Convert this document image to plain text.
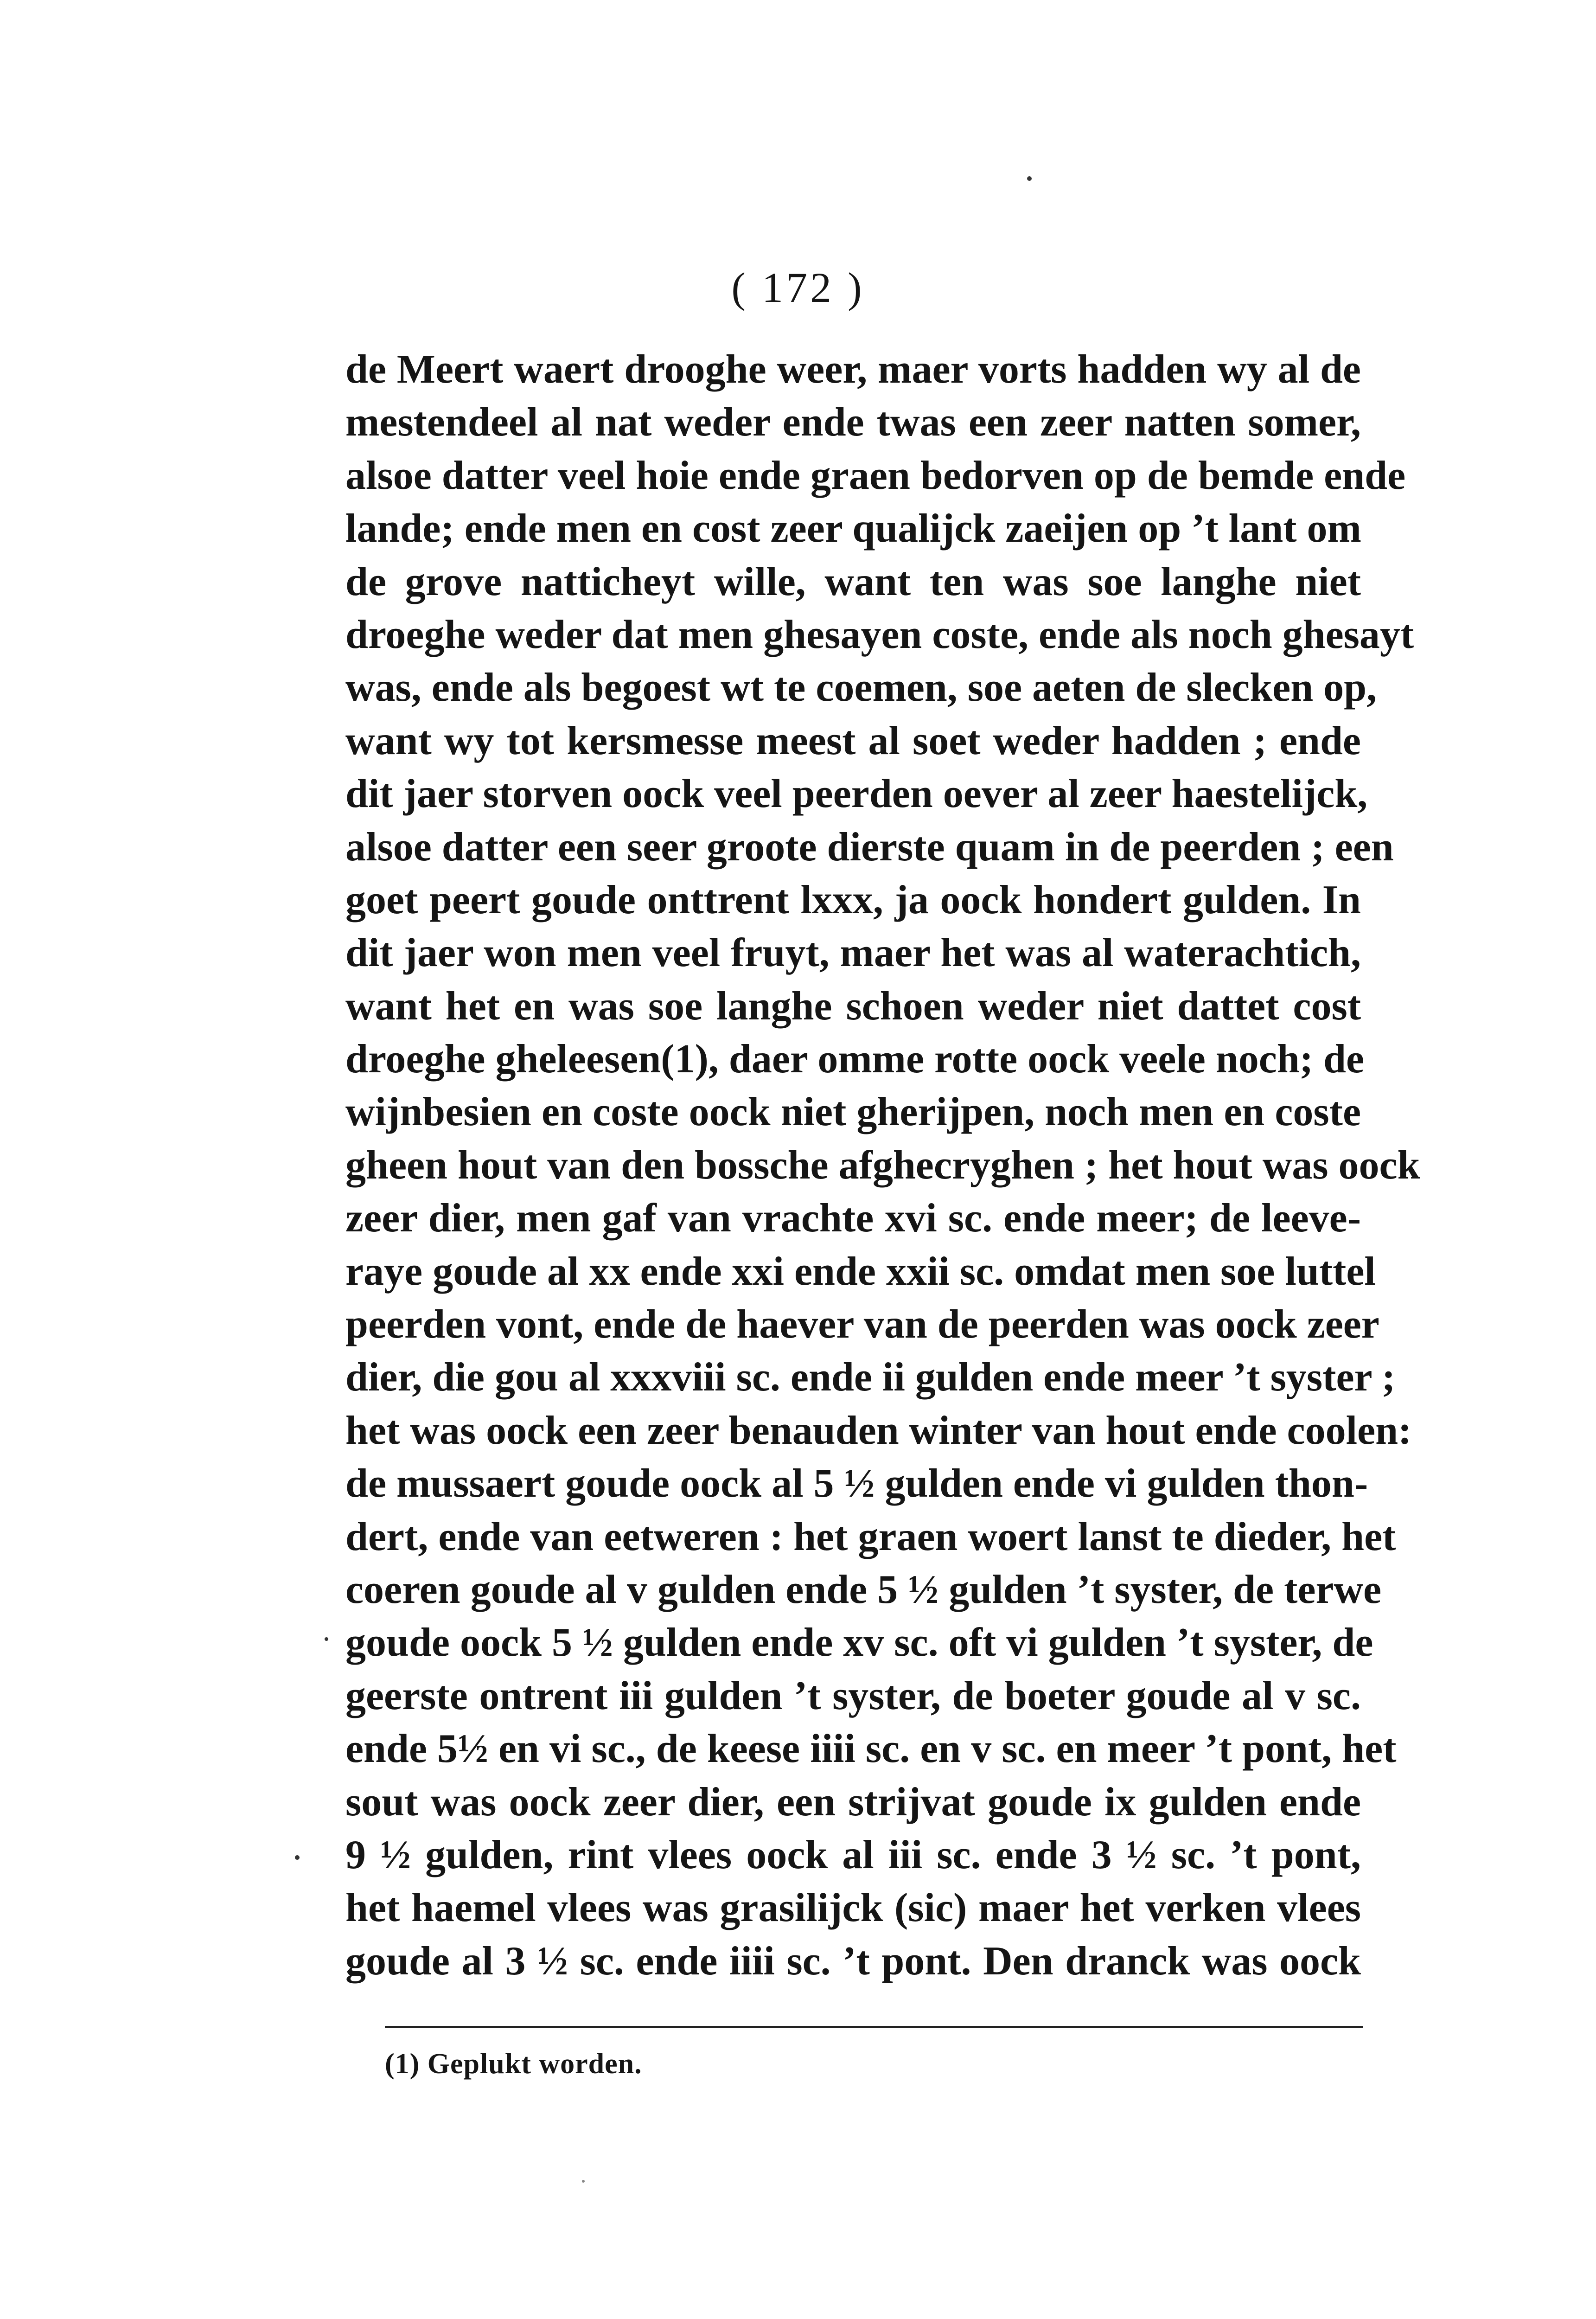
( 172 )
de Meert waert drooghe weer, maer vorts hadden wy al de
mestendeel al nat weder ende twas een zeer natten somer,
alsoe datter veel hoie ende graen bedorven op de bemde ende
lande; ende men en cost zeer qualijck zaeijen op ’t lant om
de grove natticheyt wille, want ten was soe langhe niet
droeghe weder dat men ghesayen coste, ende als noch ghesayt
was, ende als begoest wt te coemen, soe aeten de slecken op,
want wy tot kersmesse meest al soet weder hadden ; ende
dit jaer storven oock veel peerden oever al zeer haestelijck,
alsoe datter een seer groote dierste quam in de peerden ; een
goet peert goude onttrent lxxx, ja oock hondert gulden. In
dit jaer won men veel fruyt, maer het was al waterachtich,
want het en was soe langhe schoen weder niet dattet cost
droeghe gheleesen(1), daer omme rotte oock veele noch; de
wijnbesien en coste oock niet gherijpen, noch men en coste
gheen hout van den bossche afghecryghen ; het hout was oock
zeer dier, men gaf van vrachte xvi sc. ende meer; de leeve-
raye goude al xx ende xxi ende xxii sc. omdat men soe luttel
peerden vont, ende de haever van de peerden was oock zeer
dier, die gou al xxxviii sc. ende ii gulden ende meer ’t syster ;
het was oock een zeer benauden winter van hout ende coolen:
de mussaert goude oock al 5 ½ gulden ende vi gulden thon-
dert, ende van eetweren : het graen woert lanst te dieder, het
coeren goude al v gulden ende 5 ½ gulden ’t syster, de terwe
goude oock 5 ½ gulden ende xv sc. oft vi gulden ’t syster, de
geerste ontrent iii gulden ’t syster, de boeter goude al v sc.
ende 5½ en vi sc., de keese iiii sc. en v sc. en meer ’t pont, het
sout was oock zeer dier, een strijvat goude ix gulden ende
9 ½ gulden, rint vlees oock al iii sc. ende 3 ½ sc. ’t pont,
het haemel vlees was grasilijck (sic) maer het verken vlees
goude al 3 ½ sc. ende iiii sc. ’t pont. Den dranck was oock
(1) Geplukt worden.
